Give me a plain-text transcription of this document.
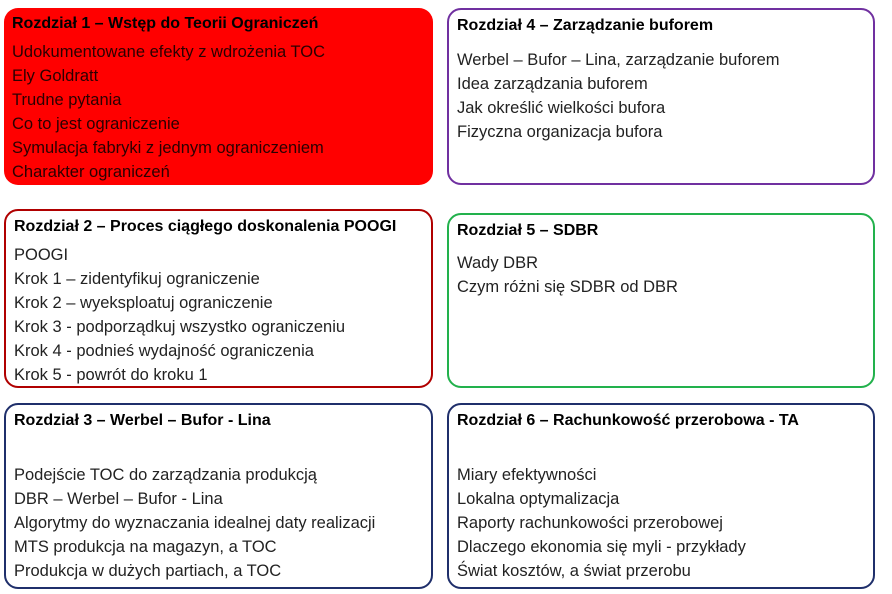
Rozdział 1 – Wstęp do Teorii Ograniczeń
Udokumentowane efekty z wdrożenia TOC
Ely Goldratt
Trudne pytania
Co to jest ograniczenie
Symulacja fabryki z jednym ograniczeniem
Charakter ograniczeń
Rozdział 4 – Zarządzanie buforem
Werbel – Bufor – Lina, zarządzanie buforem
Idea zarządzania buforem
Jak określić wielkości bufora
Fizyczna organizacja bufora
Rozdział 2 – Proces ciągłego doskonalenia POOGI
POOGI
Krok 1 – zidentyfikuj ograniczenie
Krok 2 – wyeksploatuj ograniczenie
Krok 3 - podporządkuj wszystko ograniczeniu
Krok 4 - podnieś wydajność ograniczenia
Krok 5 - powrót do kroku 1
Rozdział 5 – SDBR
Wady DBR
Czym różni się SDBR od DBR
Rozdział 3 – Werbel – Bufor - Lina
Podejście TOC do zarządzania produkcją
DBR – Werbel – Bufor - Lina
Algorytmy do wyznaczania idealnej daty realizacji
MTS produkcja na magazyn, a TOC
Produkcja w dużych partiach, a TOC
Rozdział 6 – Rachunkowość przerobowa - TA
Miary efektywności
Lokalna optymalizacja
Raporty rachunkowości przerobowej
Dlaczego ekonomia się myli - przykłady
Świat kosztów, a świat przerobu
